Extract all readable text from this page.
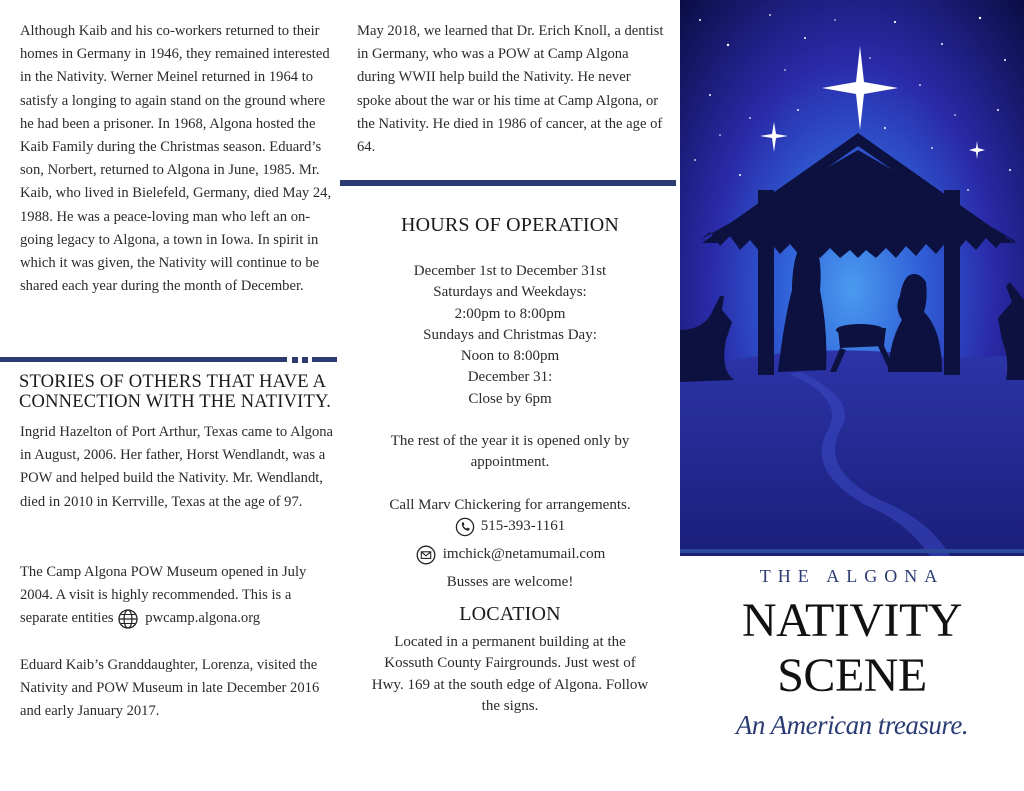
Although Kaib and his co-workers returned to their homes in Germany in 1946, they remained interested in the Nativity. Werner Meinel returned in 1964 to satisfy a longing to again stand on the ground where he had been a prisoner. In 1968, Algona hosted the Kaib Family during the Christmas season. Eduard’s son, Norbert, returned to Algona in June, 1985. Mr. Kaib, who lived in Bielefeld, Germany, died May 24, 1988. He was a peace-loving man who left an on-going legacy to Algona, a town in Iowa. In spirit in which it was given, the Nativity will continue to be shared each year during the month of December.

STORIES OF OTHERS THAT HAVE A CONNECTION WITH THE NATIVITY.

Ingrid Hazelton of Port Arthur, Texas came to Algona in August, 2006. Her father, Horst Wendlandt, was a POW and helped build the Nativity. Mr. Wendlandt, died in 2010 in Kerrville, Texas at the age of 97.

The Camp Algona POW Museum opened in July 2004. A visit is highly recommended. This is a separate entities pwcamp.algona.org

Eduard Kaib’s Granddaughter, Lorenza, visited the Nativity and POW Museum in late December 2016 and early January 2017.

May 2018, we learned that Dr. Erich Knoll, a dentist in Germany, who was a POW at Camp Algona during WWII help build the Nativity. He never spoke about the war or his time at Camp Algona, or the Nativity. He died in 1986 of cancer, at the age of 64.

HOURS OF OPERATION
December 1st to December 31st
Saturdays and Weekdays:
2:00pm to 8:00pm
Sundays and Christmas Day:
Noon to 8:00pm
December 31:
Close by 6pm
The rest of the year it is opened only by
appointment.
Call Marv Chickering for arrangements.
515-393-1161
imchick@netamumail.com
Busses are welcome!
LOCATION
Located in a permanent building at the
Kossuth County Fairgrounds. Just west of
Hwy. 169 at the south edge of Algona. Follow
the signs.
THE ALGONA
NATIVITY
SCENE
An American treasure.
